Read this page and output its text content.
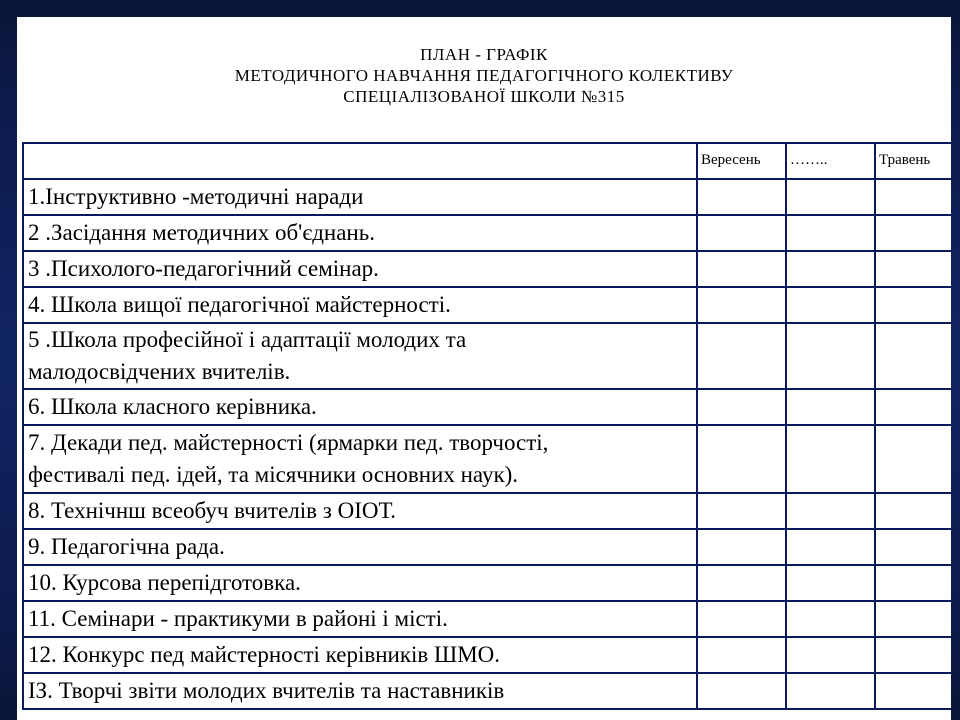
ПЛАН - ГРАФІК
МЕТОДИЧНОГО НАВЧАННЯ ПЕДАГОГІЧНОГО КОЛЕКТИВУ
СПЕЦІАЛІЗОВАНОЇ ШКОЛИ №315
	Вересень	……..	Травень
1.Інструктивно -методичні наради			
2 .Засідання методичних об'єднань.			
3 .Психолого-педагогічний семінар.			
4. Школа вищої педагогічної майстерності.			

5 .Школа професійної і адаптації молодих та
малодосвідчених вчителів.			

6. Школа класного керівника.			

7. Декади пед. майстерності (ярмарки пед. творчості,
фестивалі пед. ідей, та місячники основних наук).			

8. Технічнш всеобуч вчителів з ОІОТ.			
9. Педагогічна рада.			
10. Курсова перепідготовка.			
11. Семінари - практикуми в районі і місті.			
12. Конкурс пед майстерності керівників ШМО.			
ІЗ. Творчі звіти молодих вчителів та наставників			
